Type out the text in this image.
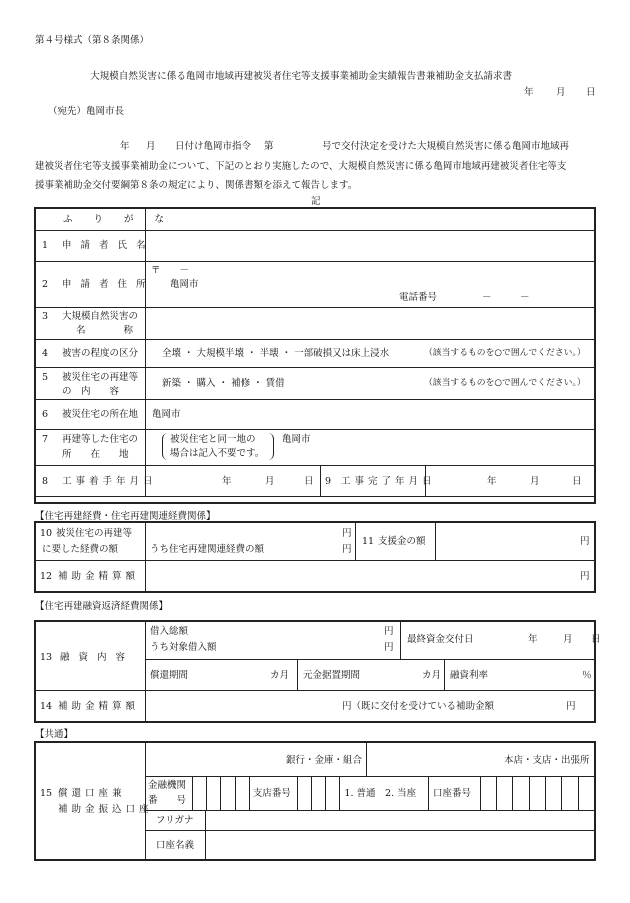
第４号様式（第８条関係）
大規模自然災害に係る亀岡市地域再建被災者住宅等支援事業補助金実績報告書兼補助金支払請求書
年 月 日
（宛先）亀岡市長
年 月 日付け亀岡市指令 第	号で交付決定を受けた大規模自然災害に係る亀岡市地域再
建被災者住宅等支援事業補助金について、下記のとおり実施したので、大規模自然災害に係る亀岡市地域再建被災者住宅等支
援事業補助金交付要綱第８条の規定により、関係書類を添えて報告します。
記
ふ り が な			

1 申請者氏名			

2 申請者住所	〒　　－
亀岡市
電話番号 －　　　－		

3 大規模自然災害の
名　　　　称			

4 被害の程度の区分	全壊 ・ 大規模半壊 ・ 半壊 ・ 一部破損又は床上浸水 （該当するものを○で囲んでください。）		

5 被災住宅の再建等
の　内　　容	新築 ・ 購入 ・ 補修 ・ 賃借 （該当するものを○で囲んでください。）		

6 被災住宅の所在地	亀岡市		

7 再建等した住宅の
所　　在　　地	被災住宅と同一地の
場合は記入不要です。
亀岡市		

8 工事着手年月日	年 月 日	9 工事完了年月日	年 月 日
【住宅再建経費・住宅再建関連経費関係】
10 被災住宅の再建等
に要した経費の額	円
うち住宅再建関連経費の額 円	11 支援金の額	円

12 補助金精算額	円		
【住宅再建融資返済経費関係】
13 融資内容	借入総額 円
うち対象借入額 円		最終資金交付日 年 月 日

	償還期間 カ月	元金据置期間 カ月 融資利率 ％	

14 補助金精算額	円（既に交付を受けている補助金額 円		
【共通】
15 償還口座兼
補助金振込口座

銀行・金庫・組合	本店・支店・出張所

金融機関
番　　号

支店番号				1. 普通　2. 当座	口座番号

フリガナ

口座名義
